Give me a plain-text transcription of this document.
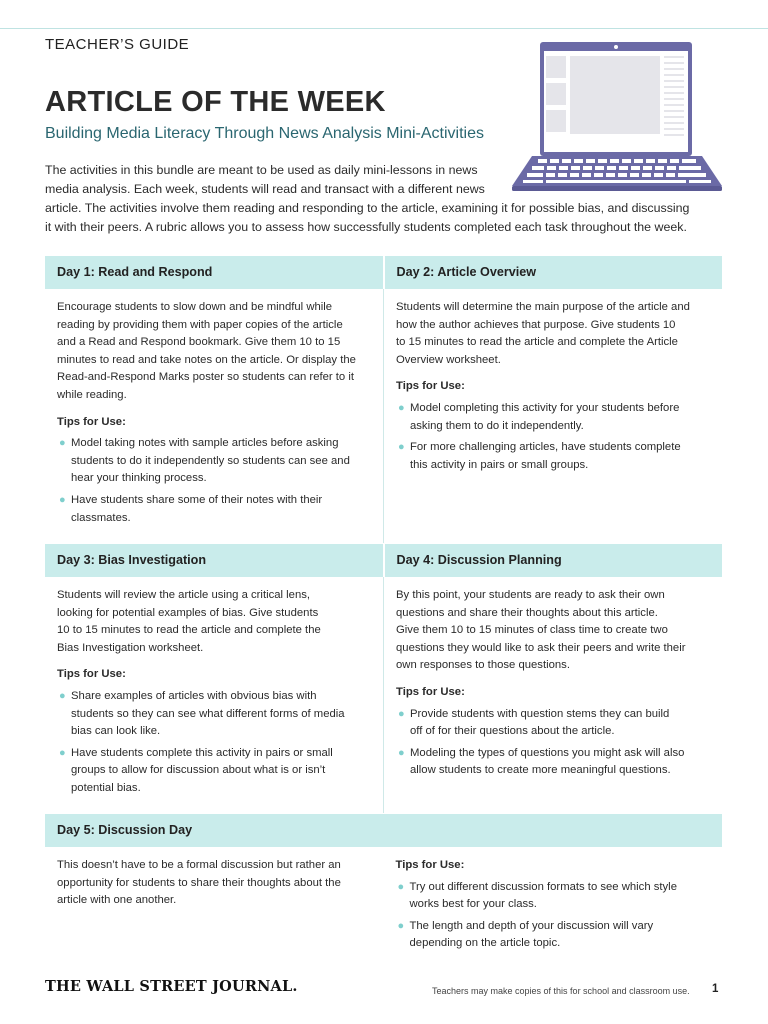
TEACHER’S GUIDE
ARTICLE OF THE WEEK
Building Media Literacy Through News Analysis Mini-Activities
The activities in this bundle are meant to be used as daily mini-lessons in news
media analysis. Each week, students will read and transact with a different news
article. The activities involve them reading and responding to the article, examining it for possible bias, and discussing
it with their peers. A rubric allows you to assess how successfully students completed each task throughout the week.
Day 1: Read and Respond	Day 2: Article Overview

Encourage students to slow down and be mindful while
reading by providing them with paper copies of the article
and a Read and Respond bookmark. Give them 10 to 15
minutes to read and take notes on the article. Or display the
Read-and-Respond Marks poster so students can refer to it
while reading.

Tips for Use:
● Model taking notes with sample articles before asking
students to do it independently so students can see and
hear your thinking process.
● Have students share some of their notes with their
classmates.

Students will determine the main purpose of the article and
how the author achieves that purpose. Give students 10
to 15 minutes to read the article and complete the Article
Overview worksheet.

Tips for Use:
● Model completing this activity for your students before
asking them to do it independently.
● For more challenging articles, have students complete
this activity in pairs or small groups.
Day 3: Bias Investigation	Day 4: Discussion Planning

Students will review the article using a critical lens,
looking for potential examples of bias. Give students
10 to 15 minutes to read the article and complete the
Bias Investigation worksheet.

Tips for Use:
● Share examples of articles with obvious bias with
students so they can see what different forms of media
bias can look like.
● Have students complete this activity in pairs or small
groups to allow for discussion about what is or isn’t
potential bias.

By this point, your students are ready to ask their own
questions and share their thoughts about this article.
Give them 10 to 15 minutes of class time to create two
questions they would like to ask their peers and write their
own responses to those questions.

Tips for Use:
● Provide students with question stems they can build
off of for their questions about the article.
● Modeling the types of questions you might ask will also
allow students to create more meaningful questions.
Day 5: Discussion Day

This doesn’t have to be a formal discussion but rather an
opportunity for students to share their thoughts about the
article with one another.

Tips for Use:
● Try out different discussion formats to see which style
works best for your class.
● The length and depth of your discussion will vary
depending on the article topic.
THE WALL STREET JOURNAL.	Teachers may make copies of this for school and classroom use. 1
